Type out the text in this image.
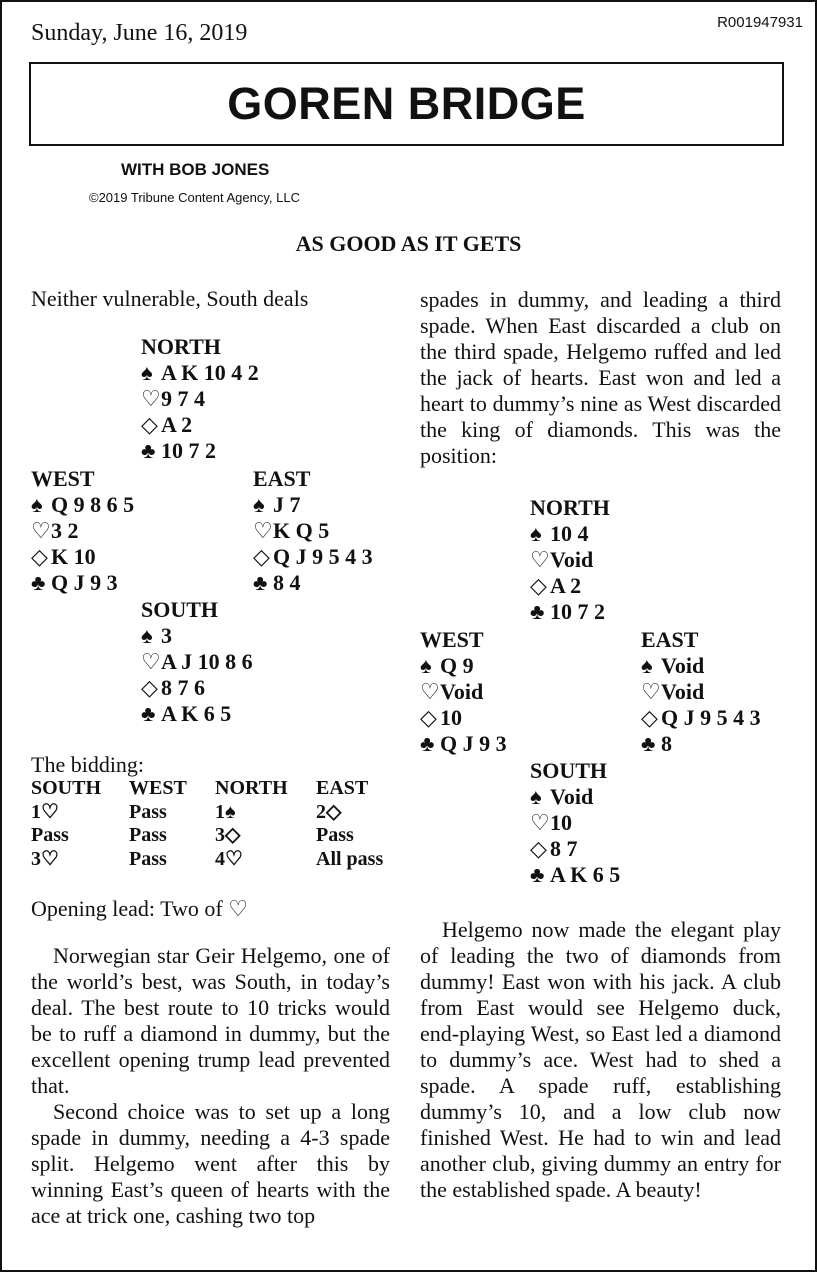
Sunday, June 16, 2019	R001947931
GOREN BRIDGE
WITH BOB JONES
©2019 Tribune Content Agency, LLC
AS GOOD AS IT GETS
Neither vulnerable, South deals
NORTH
♠ A K 10 4 2
♡9 7 4
◇ A 2
♣ 10 7 2
WEST
♠ Q 9 8 6 5
♡3 2
◇ K 10
♣ Q J 9 3
EAST
♠ J 7
♡K Q 5
◇ Q J 9 5 4 3
♣ 8 4
SOUTH
♠ 3
♡A J 10 8 6
◇ 8 7 6
♣ A K 6 5
The bidding:
SOUTH WEST NORTH EAST
1♡	Pass 1♠	2◇
Pass	Pass 3◇	Pass
3♡	Pass 4♡	All pass
Opening lead: Two of ♡

Norwegian star Geir Helgemo, one of the world’s best, was South, in today’s deal. The best route to 10 tricks would be to ruff a diamond in dummy, but the excellent opening trump lead prevented that.

Second choice was to set up a long spade in dummy, needing a 4-3 spade split. Helgemo went after this by winning East’s queen of hearts with the ace at trick one, cashing two top

spades in dummy, and leading a third spade. When East discarded a club on the third spade, Helgemo ruffed and led the jack of hearts. East won and led a heart to dummy’s nine as West discarded the king of diamonds. This was the position:

NORTH
♠ 10 4
♡Void
◇ A 2
♣ 10 7 2
WEST
♠ Q 9
♡Void
◇ 10
♣ Q J 9 3
EAST
♠ Void
♡Void
◇ Q J 9 5 4 3
♣ 8
SOUTH
♠ Void
♡10
◇ 8 7
♣ A K 6 5

Helgemo now made the elegant play of leading the two of diamonds from dummy! East won with his jack. A club from East would see Helgemo duck, end-playing West, so East led a diamond to dummy’s ace. West had to shed a spade. A spade ruff, establishing dummy’s 10, and a low club now finished West. He had to win and lead another club, giving dummy an entry for the established spade. A beauty!
